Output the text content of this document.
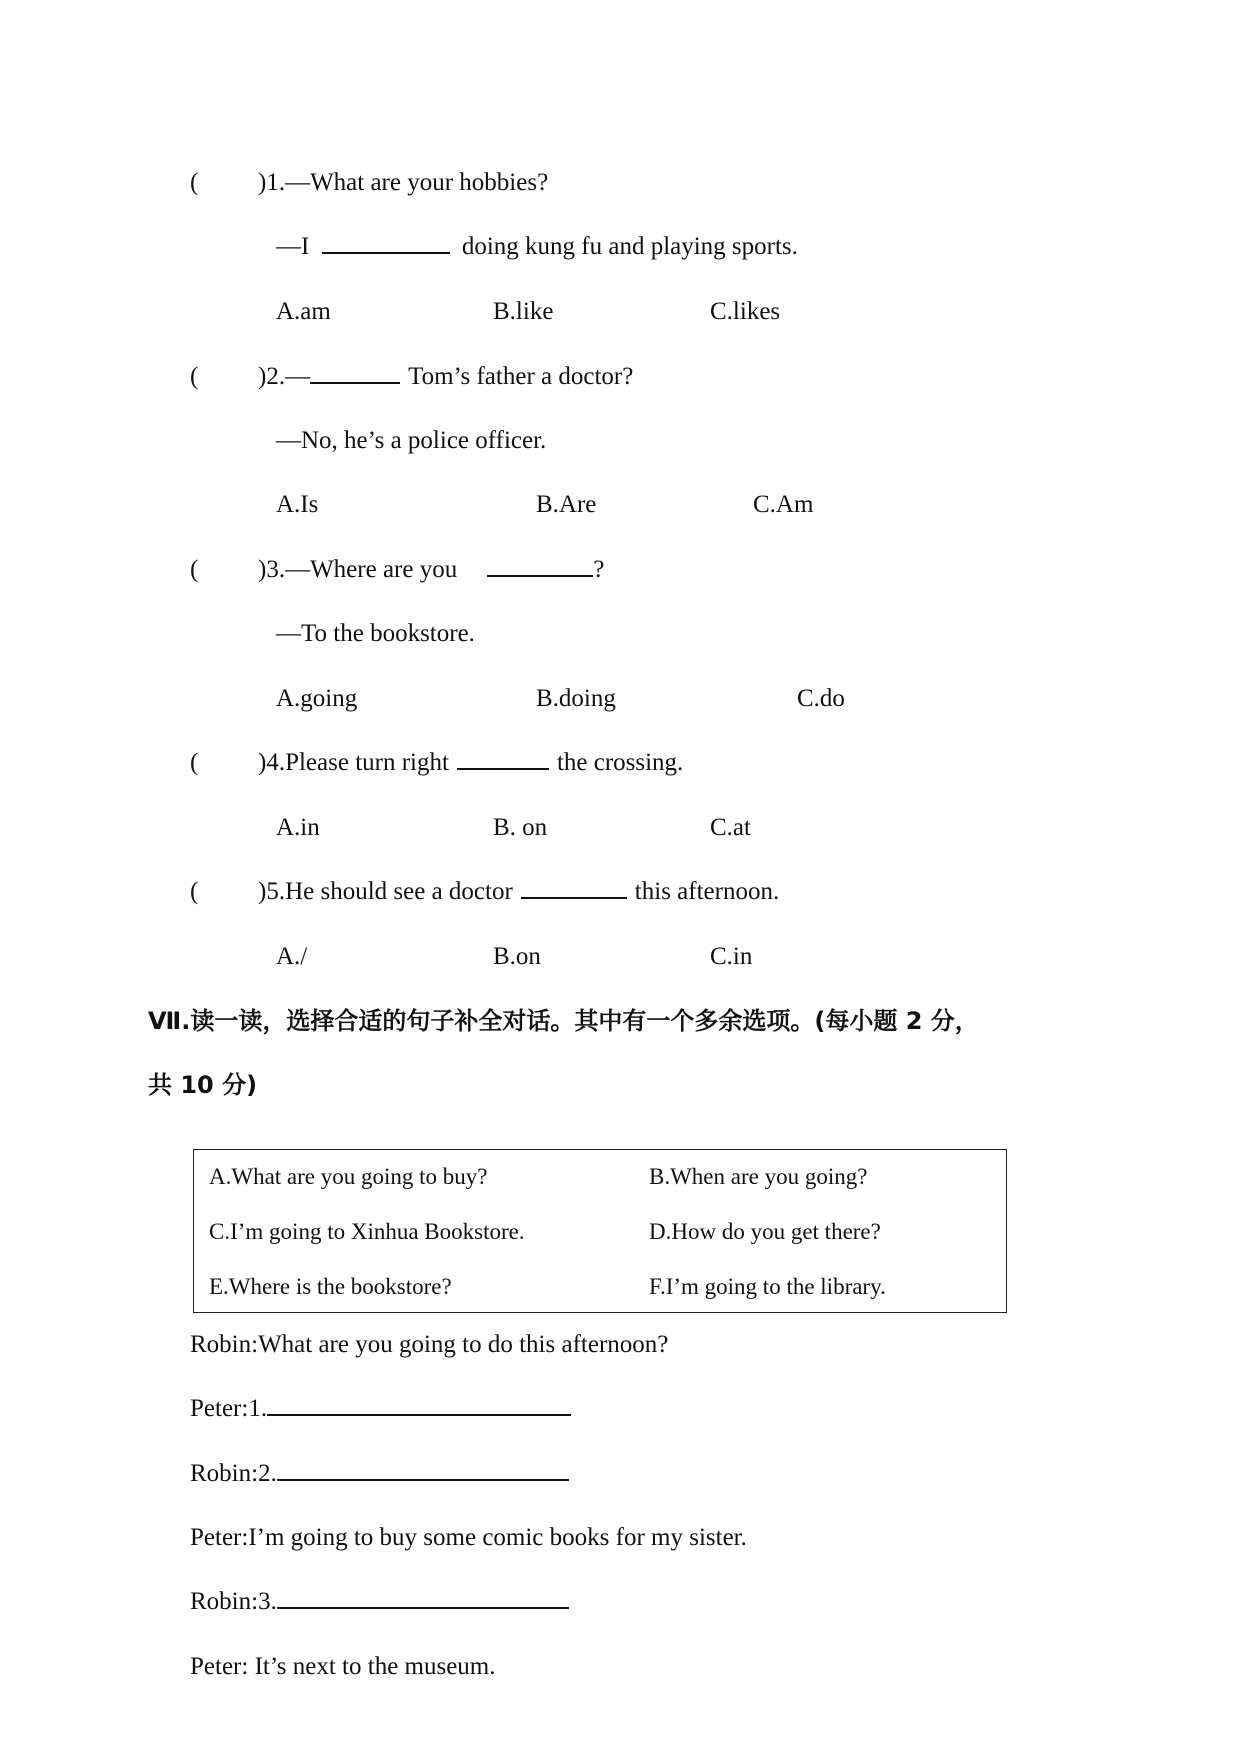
( )1.—What are your hobbies?
—I	doing kung fu and playing sports.
A.am	B.like	C.likes
( )2.—	Tom’s father a doctor?
—No, he’s a police officer.
A.Is	B.Are	C.Am
( )3.—Where are you	?
—To the bookstore.
A.going	B.doing	C.do
( )4.Please turn right	the crossing.
A.in	B. on	C.at
( )5.He should see a doctor	this afternoon.
A./	B.on	C.in
Ⅶ.读一读，选择合适的句子补全对话。其中有一个多余选项。(每小题 2 分，
共 10 分)
A.What are you going to buy?	B.When are you going?
C.I’m going to Xinhua Bookstore.	D.How do you get there?
E.Where is the bookstore?	F.I’m going to the library.
Robin:What are you going to do this afternoon?
Peter:1.
Robin:2.
Peter:I’m going to buy some comic books for my sister.
Robin:3.
Peter: It’s next to the museum.
